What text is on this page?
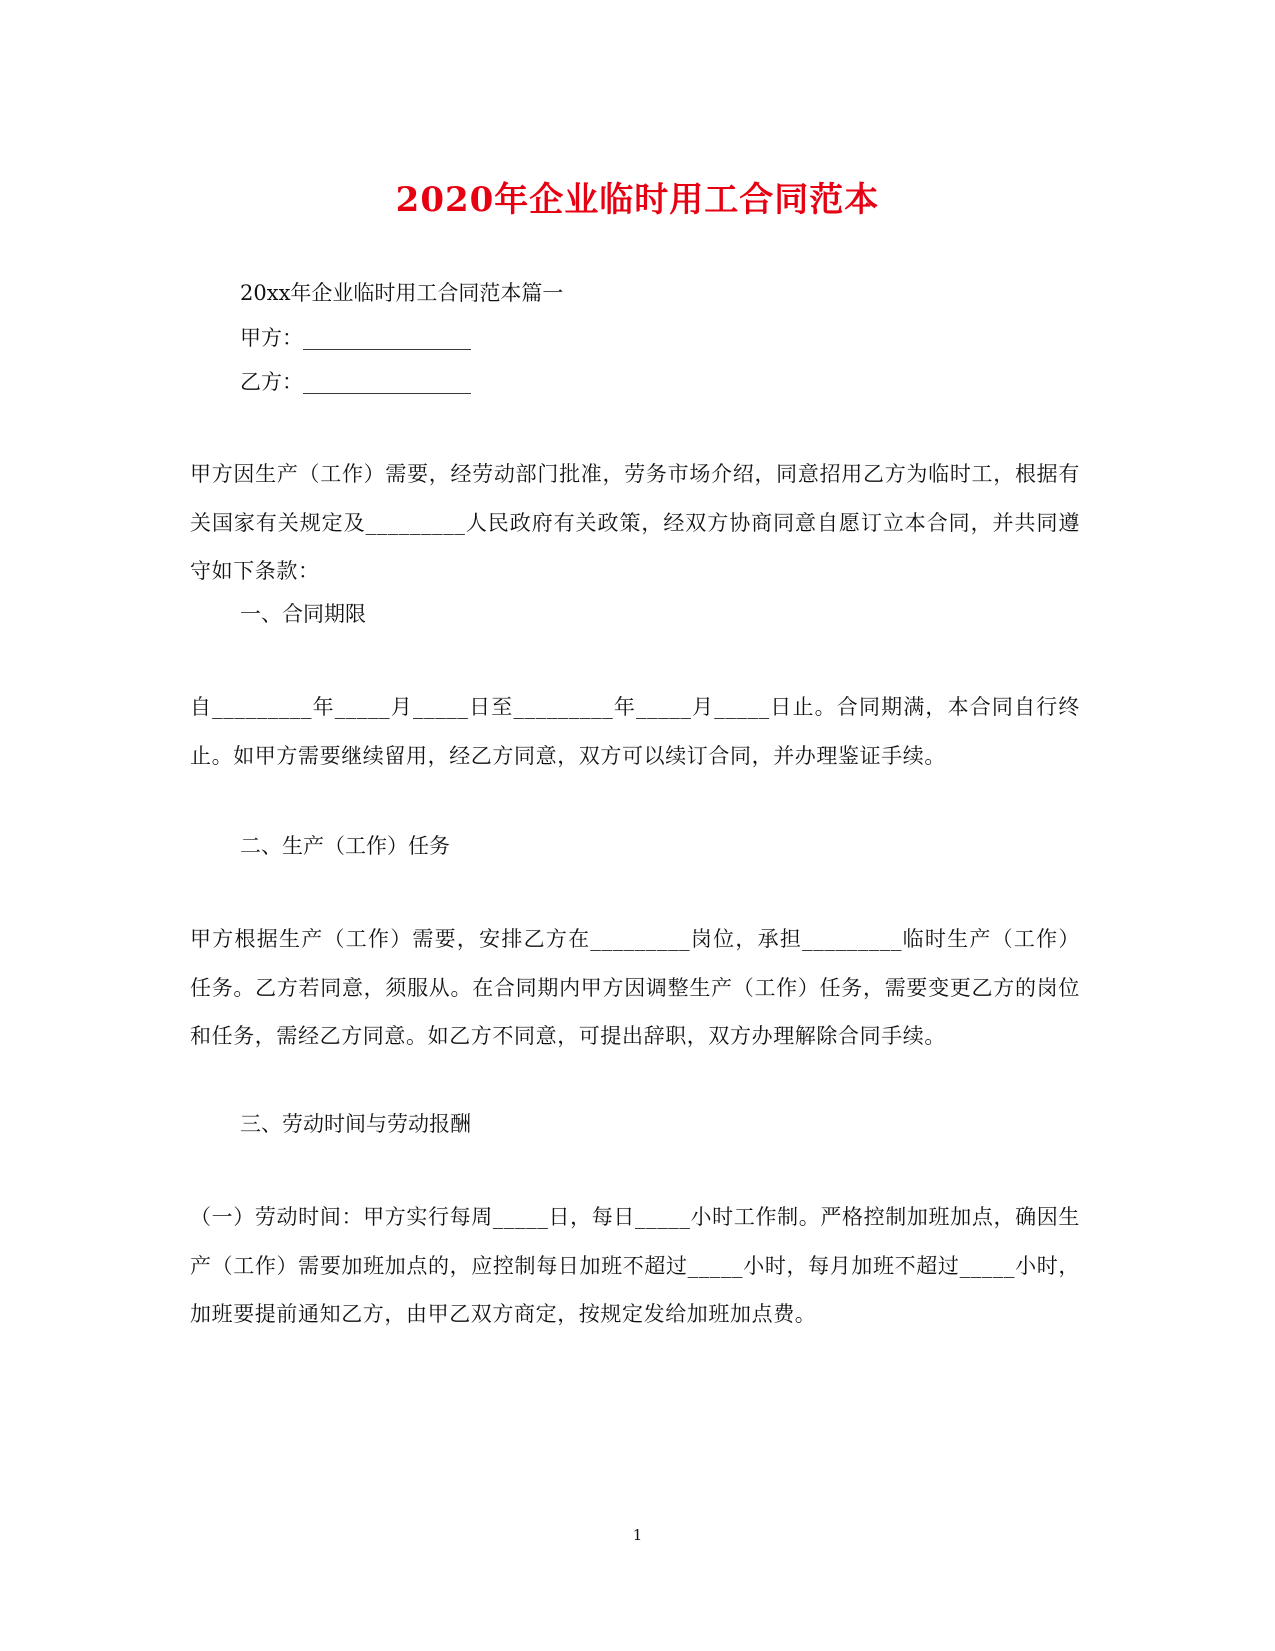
2020年企业临时用工合同范本
20xx年企业临时用工合同范本篇一
甲方：________________
乙方：________________
甲方因生产（工作）需要，经劳动部门批准，劳务市场介绍，同意招用乙方为临时工，根据有关国家有关规定及_________人民政府有关政策，经双方协商同意自愿订立本合同，并共同遵守如下条款：
一、合同期限
自_________年_____月_____日至_________年_____月_____日止。合同期满，本合同自行终止。如甲方需要继续留用，经乙方同意，双方可以续订合同，并办理鉴证手续。
二、生产（工作）任务
甲方根据生产（工作）需要，安排乙方在_________岗位，承担_________临时生产（工作）任务。乙方若同意，须服从。在合同期内甲方因调整生产（工作）任务，需要变更乙方的岗位和任务，需经乙方同意。如乙方不同意，可提出辞职，双方办理解除合同手续。
三、劳动时间与劳动报酬
（一）劳动时间：甲方实行每周_____日，每日_____小时工作制。严格控制加班加点，确因生产（工作）需要加班加点的，应控制每日加班不超过_____小时，每月加班不超过_____小时，加班要提前通知乙方，由甲乙双方商定，按规定发给加班加点费。
1
